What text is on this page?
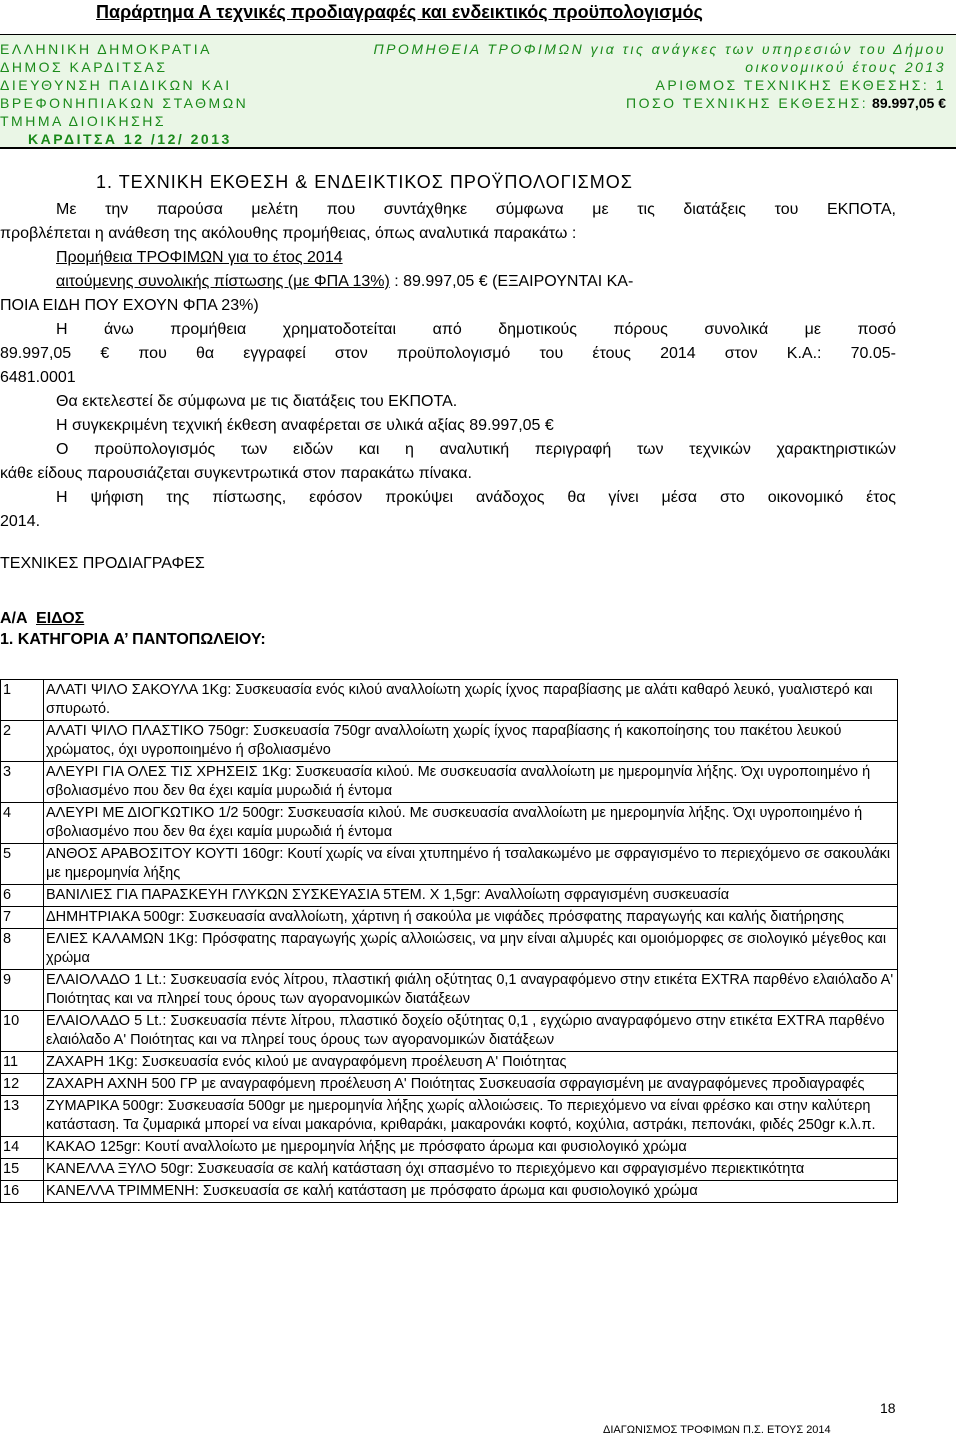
Παράρτημα Α τεχνικές προδιαγραφές και ενδεικτικός προϋπολογισμός
ΕΛΛΗΝΙΚΗ ΔΗΜΟΚΡΑΤΙΑ
ΔΗΜΟΣ ΚΑΡΔΙΤΣΑΣ
ΔΙΕΥΘΥΝΣΗ ΠΑΙΔΙΚΩΝ ΚΑΙ
ΒΡΕΦΟΝΗΠΙΑΚΩΝ ΣΤΑΘΜΩΝ
ΤΜΗΜΑ ΔΙΟΙΚΗΣΗΣ
ΚΑΡΔΙΤΣΑ 12 /12/ 2013
ΠΡΟΜΗΘΕΙΑ ΤΡΟΦΙΜΩΝ για τις ανάγκες των υπηρεσιών του Δήμου
οικονομικού έτους 2013
ΑΡΙΘΜΟΣ ΤΕΧΝΙΚΗΣ ΕΚΘΕΣΗΣ: 1
ΠΟΣΟ ΤΕΧΝΙΚΗΣ ΕΚΘΕΣΗΣ: 89.997,05 €
1. ΤΕΧΝΙΚΗ ΕΚΘΕΣΗ & ΕΝΔΕΙΚΤΙΚΟΣ ΠΡΟΫΠΟΛΟΓΙΣΜΟΣ
Με την παρούσα μελέτη που συντάχθηκε σύμφωνα με τις διατάξεις του ΕΚΠΟΤΑ,
προβλέπεται η ανάθεση της ακόλουθης προμήθειας, όπως αναλυτικά παρακάτω :
Προμήθεια ΤΡΟΦΙΜΩΝ για το έτος 2014
αιτούμενης συνολικής πίστωσης (με ΦΠΑ 13%) : 89.997,05 € (ΕΞΑΙΡΟΥΝΤΑΙ ΚΑ-
ΠΟΙΑ ΕΙΔΗ ΠΟΥ ΕΧΟΥΝ ΦΠΑ 23%)
Η άνω προμήθεια χρηματοδοτείται από δημοτικούς πόρους συνολικά με ποσό
89.997,05 € που θα εγγραφεί στον προϋπολογισμό του έτους 2014 στον Κ.Α.: 70.05-
6481.0001
Θα εκτελεστεί δε σύμφωνα με τις διατάξεις του ΕΚΠΟΤΑ.
Η συγκεκριμένη τεχνική έκθεση αναφέρεται σε υλικά αξίας 89.997,05 €
Ο προϋπολογισμός των ειδών και η αναλυτική περιγραφή των τεχνικών χαρακτηριστικών
κάθε είδους παρουσιάζεται συγκεντρωτικά στον παρακάτω πίνακα.
Η ψήφιση της πίστωσης, εφόσον προκύψει ανάδοχος θα γίνει μέσα στο οικονομικό έτος
2014.
ΤΕΧΝΙΚΕΣ ΠΡΟΔΙΑΓΡΑΦΕΣ
Α/Α ΕΙΔΟΣ
1. ΚΑΤΗΓΟΡΙΑ Α’ ΠΑΝΤΟΠΩΛΕΙΟΥ:
1	ΑΛΑΤΙ ΨΙΛΟ ΣΑΚΟΥΛΑ 1Kg: Συσκευασία ενός κιλού αναλλοίωτη χωρίς ίχνος παραβίασης με αλάτι καθαρό λευκό, γυαλιστερό και σπυρωτό.
2	ΑΛΑΤΙ ΨΙΛΟ ΠΛΑΣΤΙΚΟ 750gr: Συσκευασία 750gr αναλλοίωτη χωρίς ίχνος παραβίασης ή κακοποίησης του πακέτου λευκού χρώματος, όχι υγροποιημένο ή σβολιασμένο
3	ΑΛΕΥΡΙ ΓΙΑ ΟΛΕΣ ΤΙΣ ΧΡΗΣΕΙΣ 1Kg: Συσκευασία κιλού. Με συσκευασία αναλλοίωτη με ημερομηνία λήξης. Όχι υγροποιημένο ή σβολιασμένο που δεν θα έχει καμία μυρωδιά ή έντομα
4	ΑΛΕΥΡΙ ΜΕ ΔΙΟΓΚΩΤΙΚΟ 1/2 500gr: Συσκευασία κιλού. Με συσκευασία αναλλοίωτη με ημερομηνία λήξης. Όχι υγροποιημένο ή σβολιασμένο που δεν θα έχει καμία μυρωδιά ή έντομα
5	ΑΝΘΟΣ ΑΡΑΒΟΣΙΤΟΥ ΚΟΥΤΙ 160gr: Κουτί χωρίς να είναι χτυπημένο ή τσαλακωμένο με σφραγισμένο το περιεχόμενο σε σακουλάκι με ημερομηνία λήξης
6	ΒΑΝΙΛΙΕΣ ΓΙΑ ΠΑΡΑΣΚΕΥΗ ΓΛΥΚΩΝ ΣΥΣΚΕΥΑΣΙΑ 5ΤΕΜ. Χ 1,5gr: Αναλλοίωτη σφραγισμένη συσκευασία
7	ΔΗΜΗΤΡΙΑΚΑ 500gr: Συσκευασία αναλλοίωτη, χάρτινη ή σακούλα με νιφάδες πρόσφατης παραγωγής και καλής διατήρησης
8	ΕΛΙΕΣ ΚΑΛΑΜΩΝ 1Kg: Πρόσφατης παραγωγής χωρίς αλλοιώσεις, να μην είναι αλμυρές και ομοιόμορφες σε σιολογικό μέγεθος και χρώμα
9	ΕΛΑΙΟΛΑΔΟ 1 Lt.: Συσκευασία ενός λίτρου, πλαστική φιάλη οξύτητας 0,1 αναγραφόμενο στην ετικέτα EXTRA παρθένο ελαιόλαδο Α' Ποιότητας και να πληρεί τους όρους των αγορανομικών διατάξεων
10	ΕΛΑΙΟΛΑΔΟ 5 Lt.: Συσκευασία πέντε λίτρου, πλαστικό δοχείο οξύτητας 0,1 , εγχώριο αναγραφόμενο στην ετικέτα EXTRA παρθένο ελαιόλαδο Α' Ποιότητας και να πληρεί τους όρους των αγορανομικών διατάξεων
11	ΖΑΧΑΡΗ 1Kg: Συσκευασία ενός κιλού με αναγραφόμενη προέλευση Α' Ποιότητας
12	ΖΑΧΑΡΗ ΑΧΝΗ 500 ΓΡ με αναγραφόμενη προέλευση Α' Ποιότητας Συσκευασία σφραγισμένη με αναγραφόμενες προδιαγραφές
13	ΖΥΜΑΡΙΚΑ 500gr: Συσκευασία 500gr με ημερομηνία λήξης χωρίς αλλοιώσεις. Το περιεχόμενο να είναι φρέσκο και στην καλύτερη κατάσταση. Τα ζυμαρικά μπορεί να είναι μακαρόνια, κριθαράκι, μακαρονάκι κοφτό, κοχύλια, αστράκι, πεπονάκι, φιδές 250gr κ.λ.π.
14	ΚΑΚΑΟ 125gr: Κουτί αναλλοίωτο με ημερομηνία λήξης με πρόσφατο άρωμα και φυσιολογικό χρώμα
15	ΚΑΝΕΛΛΑ ΞΥΛΟ 50gr: Συσκευασία σε καλή κατάσταση όχι σπασμένο το περιεχόμενο και σφραγισμένο περιεκτικότητα
16	ΚΑΝΕΛΛΑ ΤΡΙΜΜΕΝΗ: Συσκευασία σε καλή κατάσταση με πρόσφατο άρωμα και φυσιολογικό χρώμα
18
ΔΙΑΓΩΝΙΣΜΟΣ ΤΡΟΦΙΜΩΝ Π.Σ. ΕΤΟΥΣ 2014
